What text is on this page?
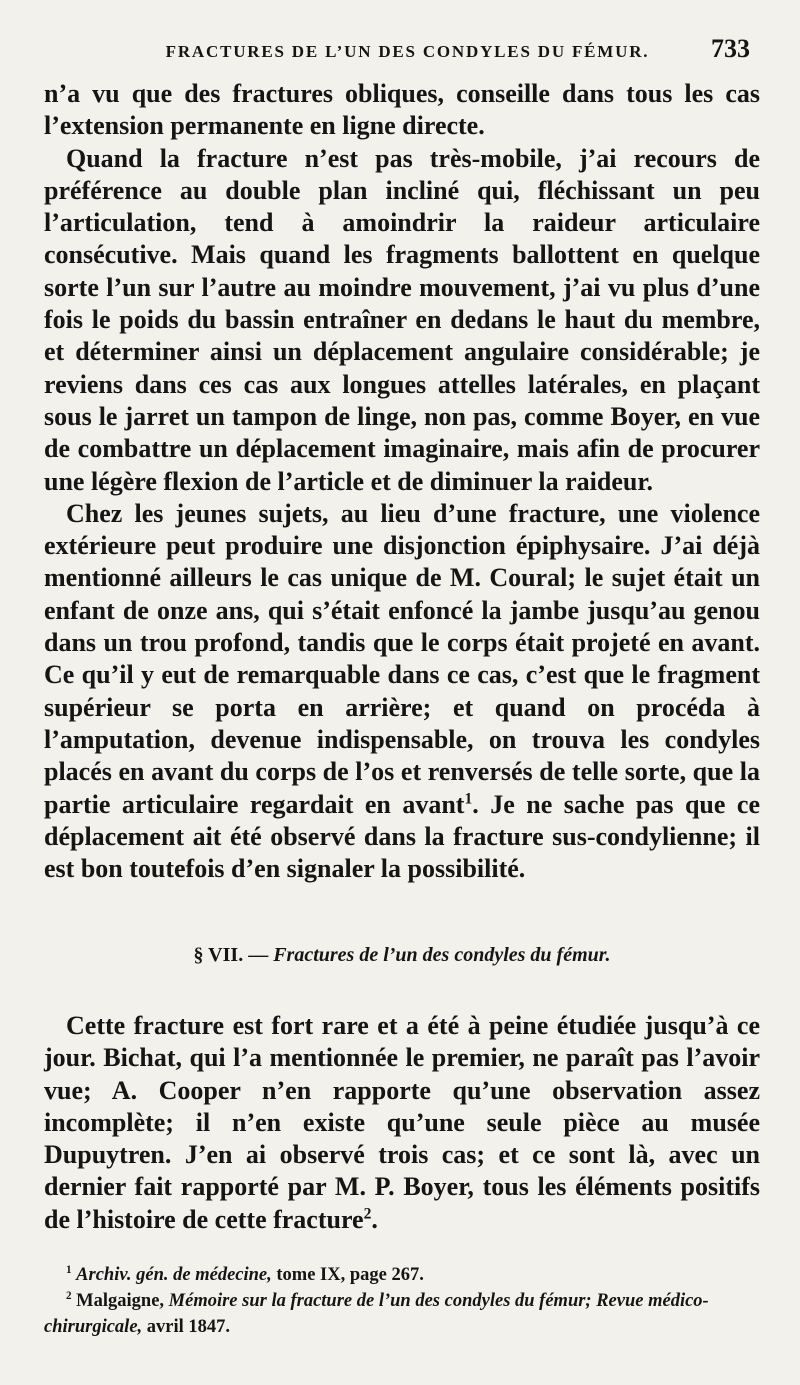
FRACTURES DE L’UN DES CONDYLES DU FÉMUR.	733

n’a vu que des fractures obliques, conseille dans tous les cas l’extension permanente en ligne directe.

Quand la fracture n’est pas très-mobile, j’ai recours de préférence au double plan incliné qui, fléchissant un peu l’articulation, tend à amoindrir la raideur articulaire consécutive. Mais quand les fragments ballottent en quelque sorte l’un sur l’autre au moindre mouvement, j’ai vu plus d’une fois le poids du bassin entraîner en dedans le haut du membre, et déterminer ainsi un déplacement angulaire considérable; je reviens dans ces cas aux longues attelles latérales, en plaçant sous le jarret un tampon de linge, non pas, comme Boyer, en vue de combattre un déplacement imaginaire, mais afin de procurer une légère flexion de l’article et de diminuer la raideur.

Chez les jeunes sujets, au lieu d’une fracture, une violence extérieure peut produire une disjonction épiphysaire. J’ai déjà mentionné ailleurs le cas unique de M. Coural; le sujet était un enfant de onze ans, qui s’était enfoncé la jambe jusqu’au genou dans un trou profond, tandis que le corps était projeté en avant. Ce qu’il y eut de remarquable dans ce cas, c’est que le fragment supérieur se porta en arrière; et quand on procéda à l’amputation, devenue indispensable, on trouva les condyles placés en avant du corps de l’os et renversés de telle sorte, que la partie articulaire regardait en avant$^1$. Je ne sache pas que ce déplacement ait été observé dans la fracture sus-condylienne; il est bon toutefois d’en signaler la possibilité.

§ VII. — Fractures de l’un des condyles du fémur.

Cette fracture est fort rare et a été à peine étudiée jusqu’à ce jour. Bichat, qui l’a mentionnée le premier, ne paraît pas l’avoir vue; A. Cooper n’en rapporte qu’une observation assez incomplète; il n’en existe qu’une seule pièce au musée Dupuytren. J’en ai observé trois cas; et ce sont là, avec un dernier fait rapporté par M. P. Boyer, tous les éléments positifs de l’histoire de cette fracture$^2$.

$^1$ Archiv. gén. de médecine, tome IX, page 267.

$^2$ Malgaigne, Mémoire sur la fracture de l’un des condyles du fémur; Revue médico-chirurgicale, avril 1847.
